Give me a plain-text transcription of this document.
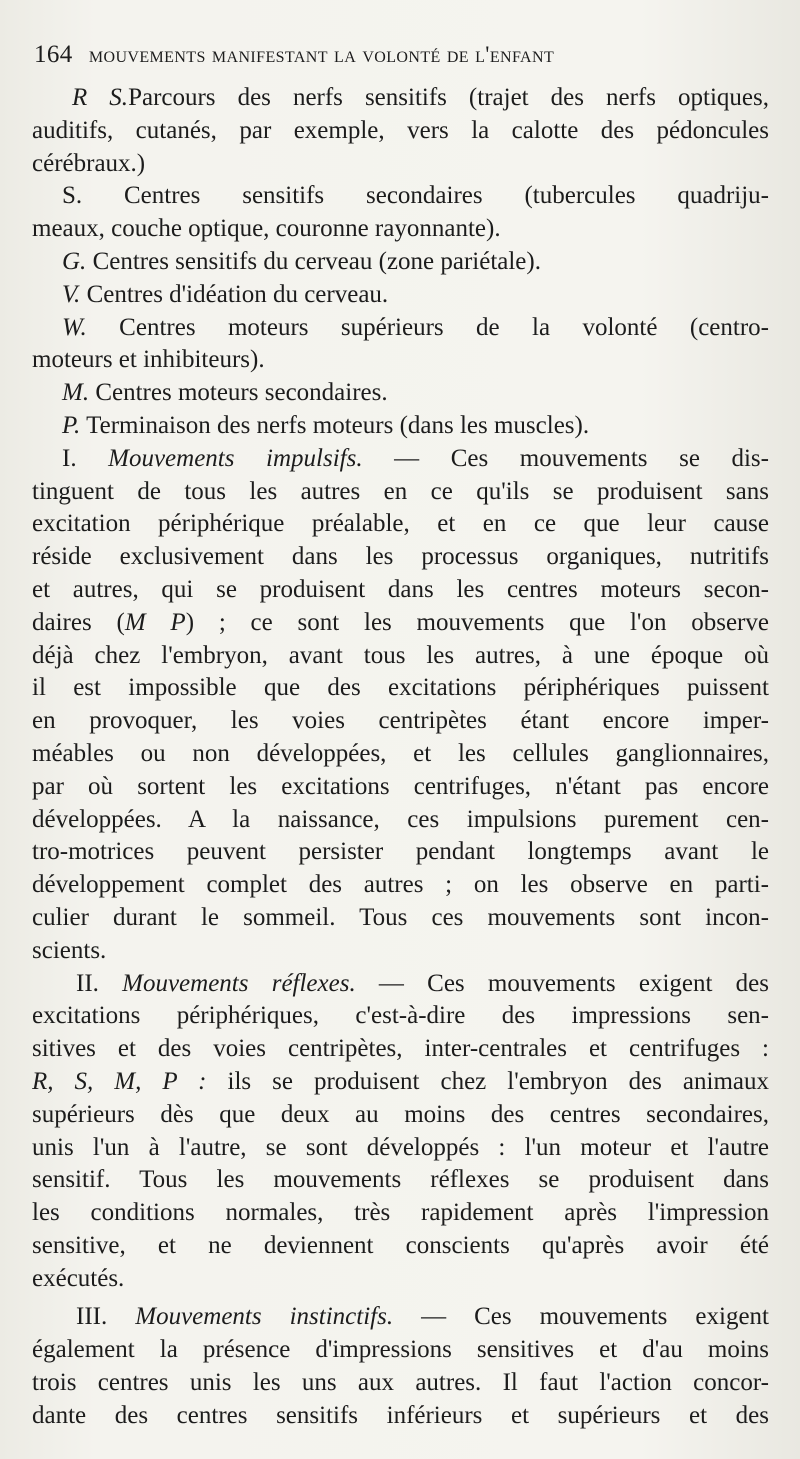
164 mouvements manifestant la volonté de l'enfant
R S.Parcours des nerfs sensitifs (trajet des nerfs optiques,
auditifs, cutanés, par exemple, vers la calotte des pédoncules
cérébraux.)
S. Centres sensitifs secondaires (tubercules quadriju-
meaux, couche optique, couronne rayonnante).
G. Centres sensitifs du cerveau (zone pariétale).
V. Centres d'idéation du cerveau.
W. Centres moteurs supérieurs de la volonté (centro-
moteurs et inhibiteurs).
M. Centres moteurs secondaires.
P. Terminaison des nerfs moteurs (dans les muscles).
I. Mouvements impulsifs. — Ces mouvements se dis-
tinguent de tous les autres en ce qu'ils se produisent sans
excitation périphérique préalable, et en ce que leur cause
réside exclusivement dans les processus organiques, nutritifs
et autres, qui se produisent dans les centres moteurs secon-
daires (M P) ; ce sont les mouvements que l'on observe
déjà chez l'embryon, avant tous les autres, à une époque où
il est impossible que des excitations périphériques puissent
en provoquer, les voies centripètes étant encore imper-
méables ou non développées, et les cellules ganglionnaires,
par où sortent les excitations centrifuges, n'étant pas encore
développées. A la naissance, ces impulsions purement cen-
tro-motrices peuvent persister pendant longtemps avant le
développement complet des autres ; on les observe en parti-
culier durant le sommeil. Tous ces mouvements sont incon-
scients.
II. Mouvements réflexes. — Ces mouvements exigent des
excitations périphériques, c'est-à-dire des impressions sen-
sitives et des voies centripètes, inter-centrales et centrifuges :
R, S, M, P : ils se produisent chez l'embryon des animaux
supérieurs dès que deux au moins des centres secondaires,
unis l'un à l'autre, se sont développés : l'un moteur et l'autre
sensitif. Tous les mouvements réflexes se produisent dans
les conditions normales, très rapidement après l'impression
sensitive, et ne deviennent conscients qu'après avoir été
exécutés.
III. Mouvements instinctifs. — Ces mouvements exigent
également la présence d'impressions sensitives et d'au moins
trois centres unis les uns aux autres. Il faut l'action concor-
dante des centres sensitifs inférieurs et supérieurs et des
